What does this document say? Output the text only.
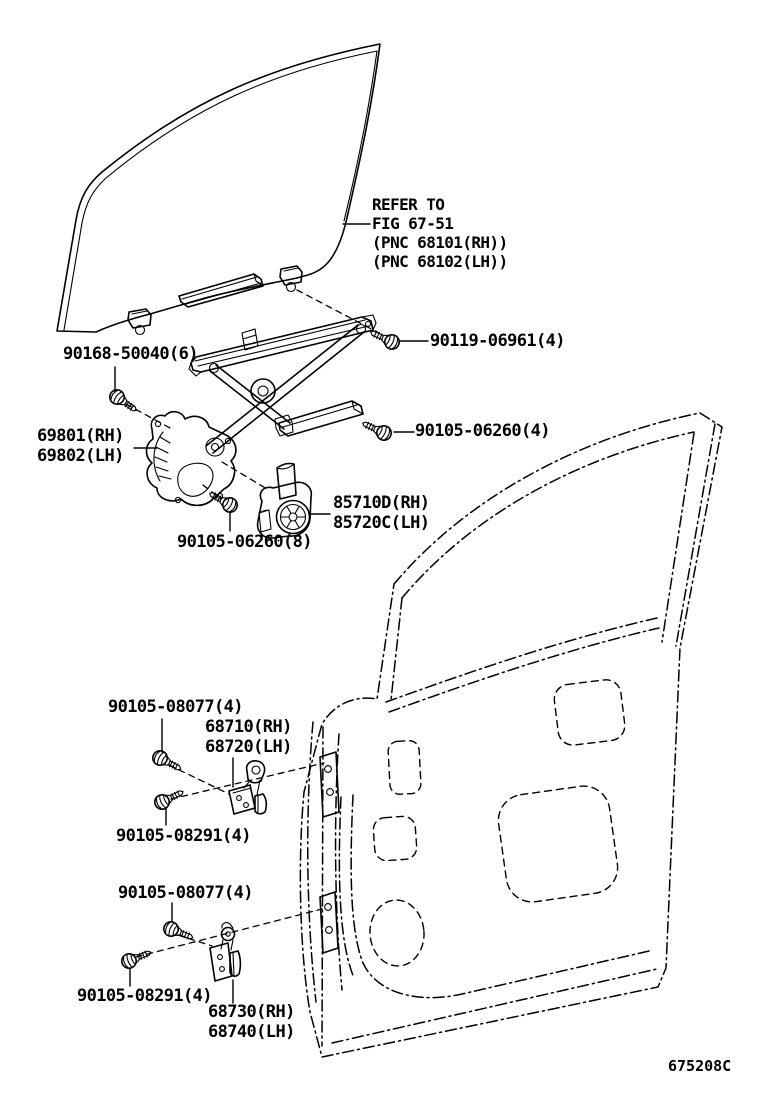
REFER TO
FIG 67-51
(PNC 68101(RH))
(PNC 68102(LH))
90168-50040(6)
90119-06961(4)
69801(RH)
69802(LH)
90105-06260(4)
85710D(RH)
85720C(LH)
90105-06260(8)
90105-08077(4)
68710(RH)
68720(LH)
90105-08291(4)
90105-08077(4)
90105-08291(4)
68730(RH)
68740(LH)
675208C
